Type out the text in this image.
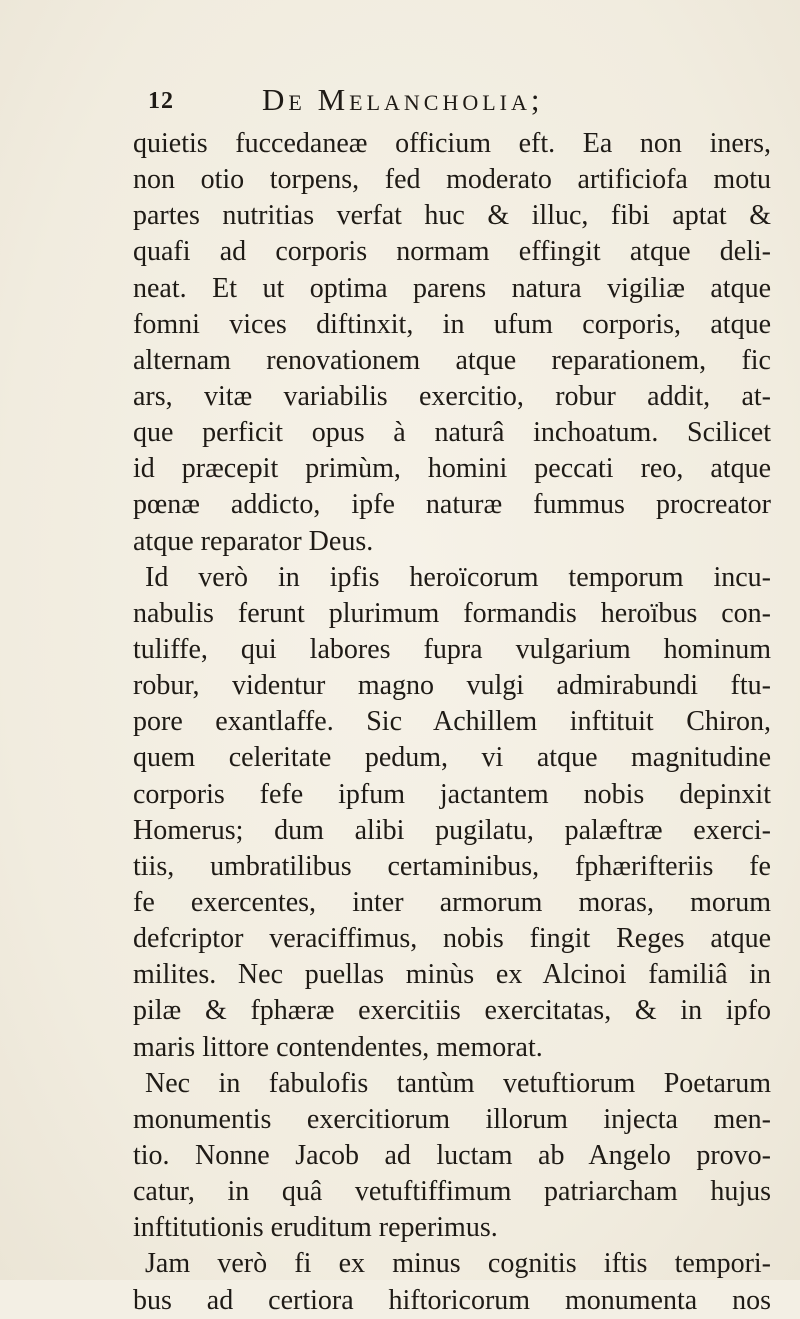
12	De Melancholia;
quietis fuccedaneæ officium eft. Ea non iners,
non otio torpens, fed moderato artificiofa motu
partes nutritias verfat huc & illuc, fibi aptat &
quafi ad corporis normam effingit atque deli-
neat. Et ut optima parens natura vigiliæ atque
fomni vices diftinxit, in ufum corporis, atque
alternam renovationem atque reparationem, fic
ars, vitæ variabilis exercitio, robur addit, at-
que perficit opus à naturâ inchoatum. Scilicet
id præcepit primùm, homini peccati reo, atque
pœnæ addicto, ipfe naturæ fummus procreator
atque reparator Deus.
Id verò in ipfis heroïcorum temporum incu-
nabulis ferunt plurimum formandis heroïbus con-
tuliffe, qui labores fupra vulgarium hominum
robur, videntur magno vulgi admirabundi ftu-
pore exantlaffe. Sic Achillem inftituit Chiron,
quem celeritate pedum, vi atque magnitudine
corporis fefe ipfum jactantem nobis depinxit
Homerus; dum alibi pugilatu, palæftræ exerci-
tiis, umbratilibus certaminibus, fphærifteriis fe
fe exercentes, inter armorum moras, morum
defcriptor veraciffimus, nobis fingit Reges atque
milites. Nec puellas minùs ex Alcinoi familiâ in
pilæ & fphæræ exercitiis exercitatas, & in ipfo
maris littore contendentes, memorat.
Nec in fabulofis tantùm vetuftiorum Poetarum
monumentis exercitiorum illorum injecta men-
tio. Nonne Jacob ad luctam ab Angelo provo-
catur, in quâ vetuftiffimum patriarcham hujus
inftitutionis eruditum reperimus.
Jam verò fi ex minus cognitis iftis tempori-
bus ad certiora hiftoricorum monumenta nos
